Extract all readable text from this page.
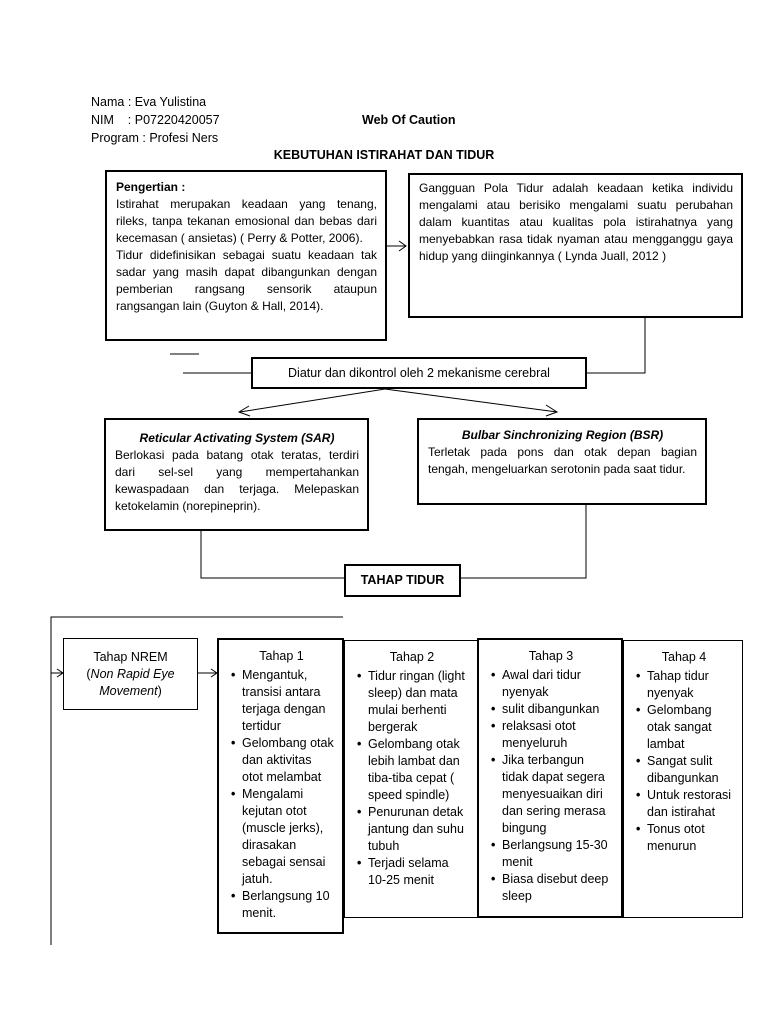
Nama : Eva Yulistina
NIM    : P07220420057
Program : Profesi Ners
Web Of Caution
KEBUTUHAN ISTIRAHAT DAN TIDUR
Pengertian :
Istirahat merupakan keadaan yang tenang, rileks, tanpa tekanan emosional dan bebas dari kecemasan ( ansietas) ( Perry & Potter, 2006).
Tidur didefinisikan sebagai suatu keadaan tak sadar yang masih dapat dibangunkan dengan pemberian rangsang sensorik ataupun rangsangan lain (Guyton & Hall, 2014).
Gangguan Pola Tidur adalah keadaan ketika individu mengalami atau berisiko mengalami suatu perubahan dalam kuantitas atau kualitas pola istirahatnya yang menyebabkan rasa tidak nyaman atau mengganggu gaya hidup yang diinginkannya ( Lynda Juall, 2012 )
Diatur dan dikontrol oleh 2 mekanisme cerebral
Reticular Activating System (SAR)
Berlokasi pada batang otak teratas, terdiri dari sel-sel yang mempertahankan kewaspadaan dan terjaga. Melepaskan ketokelamin (norepineprin).
Bulbar Sinchronizing Region (BSR)
Terletak pada pons dan otak depan bagian tengah, mengeluarkan serotonin pada saat tidur.
TAHAP TIDUR
Tahap NREM
(Non Rapid Eye Movement)
Tahap 1
• Mengantuk, transisi antara terjaga dengan tertidur
• Gelombang otak dan aktivitas otot melambat
• Mengalami kejutan otot (muscle jerks), dirasakan sebagai sensai jatuh.
• Berlangsung 10 menit.
Tahap 2
• Tidur ringan (light sleep) dan mata mulai berhenti bergerak
• Gelombang otak lebih lambat dan tiba-tiba cepat ( speed spindle)
• Penurunan detak jantung dan suhu tubuh
• Terjadi selama 10-25 menit
Tahap 3
• Awal dari tidur nyenyak
• sulit dibangunkan
• relaksasi otot menyeluruh
• Jika terbangun tidak dapat segera menyesuaikan diri dan sering merasa bingung
• Berlangsung 15-30 menit
• Biasa disebut deep sleep
Tahap 4
• Tahap tidur nyenyak
• Gelombang otak sangat lambat
• Sangat sulit dibangunkan
• Untuk restorasi dan istirahat
• Tonus otot menurun
